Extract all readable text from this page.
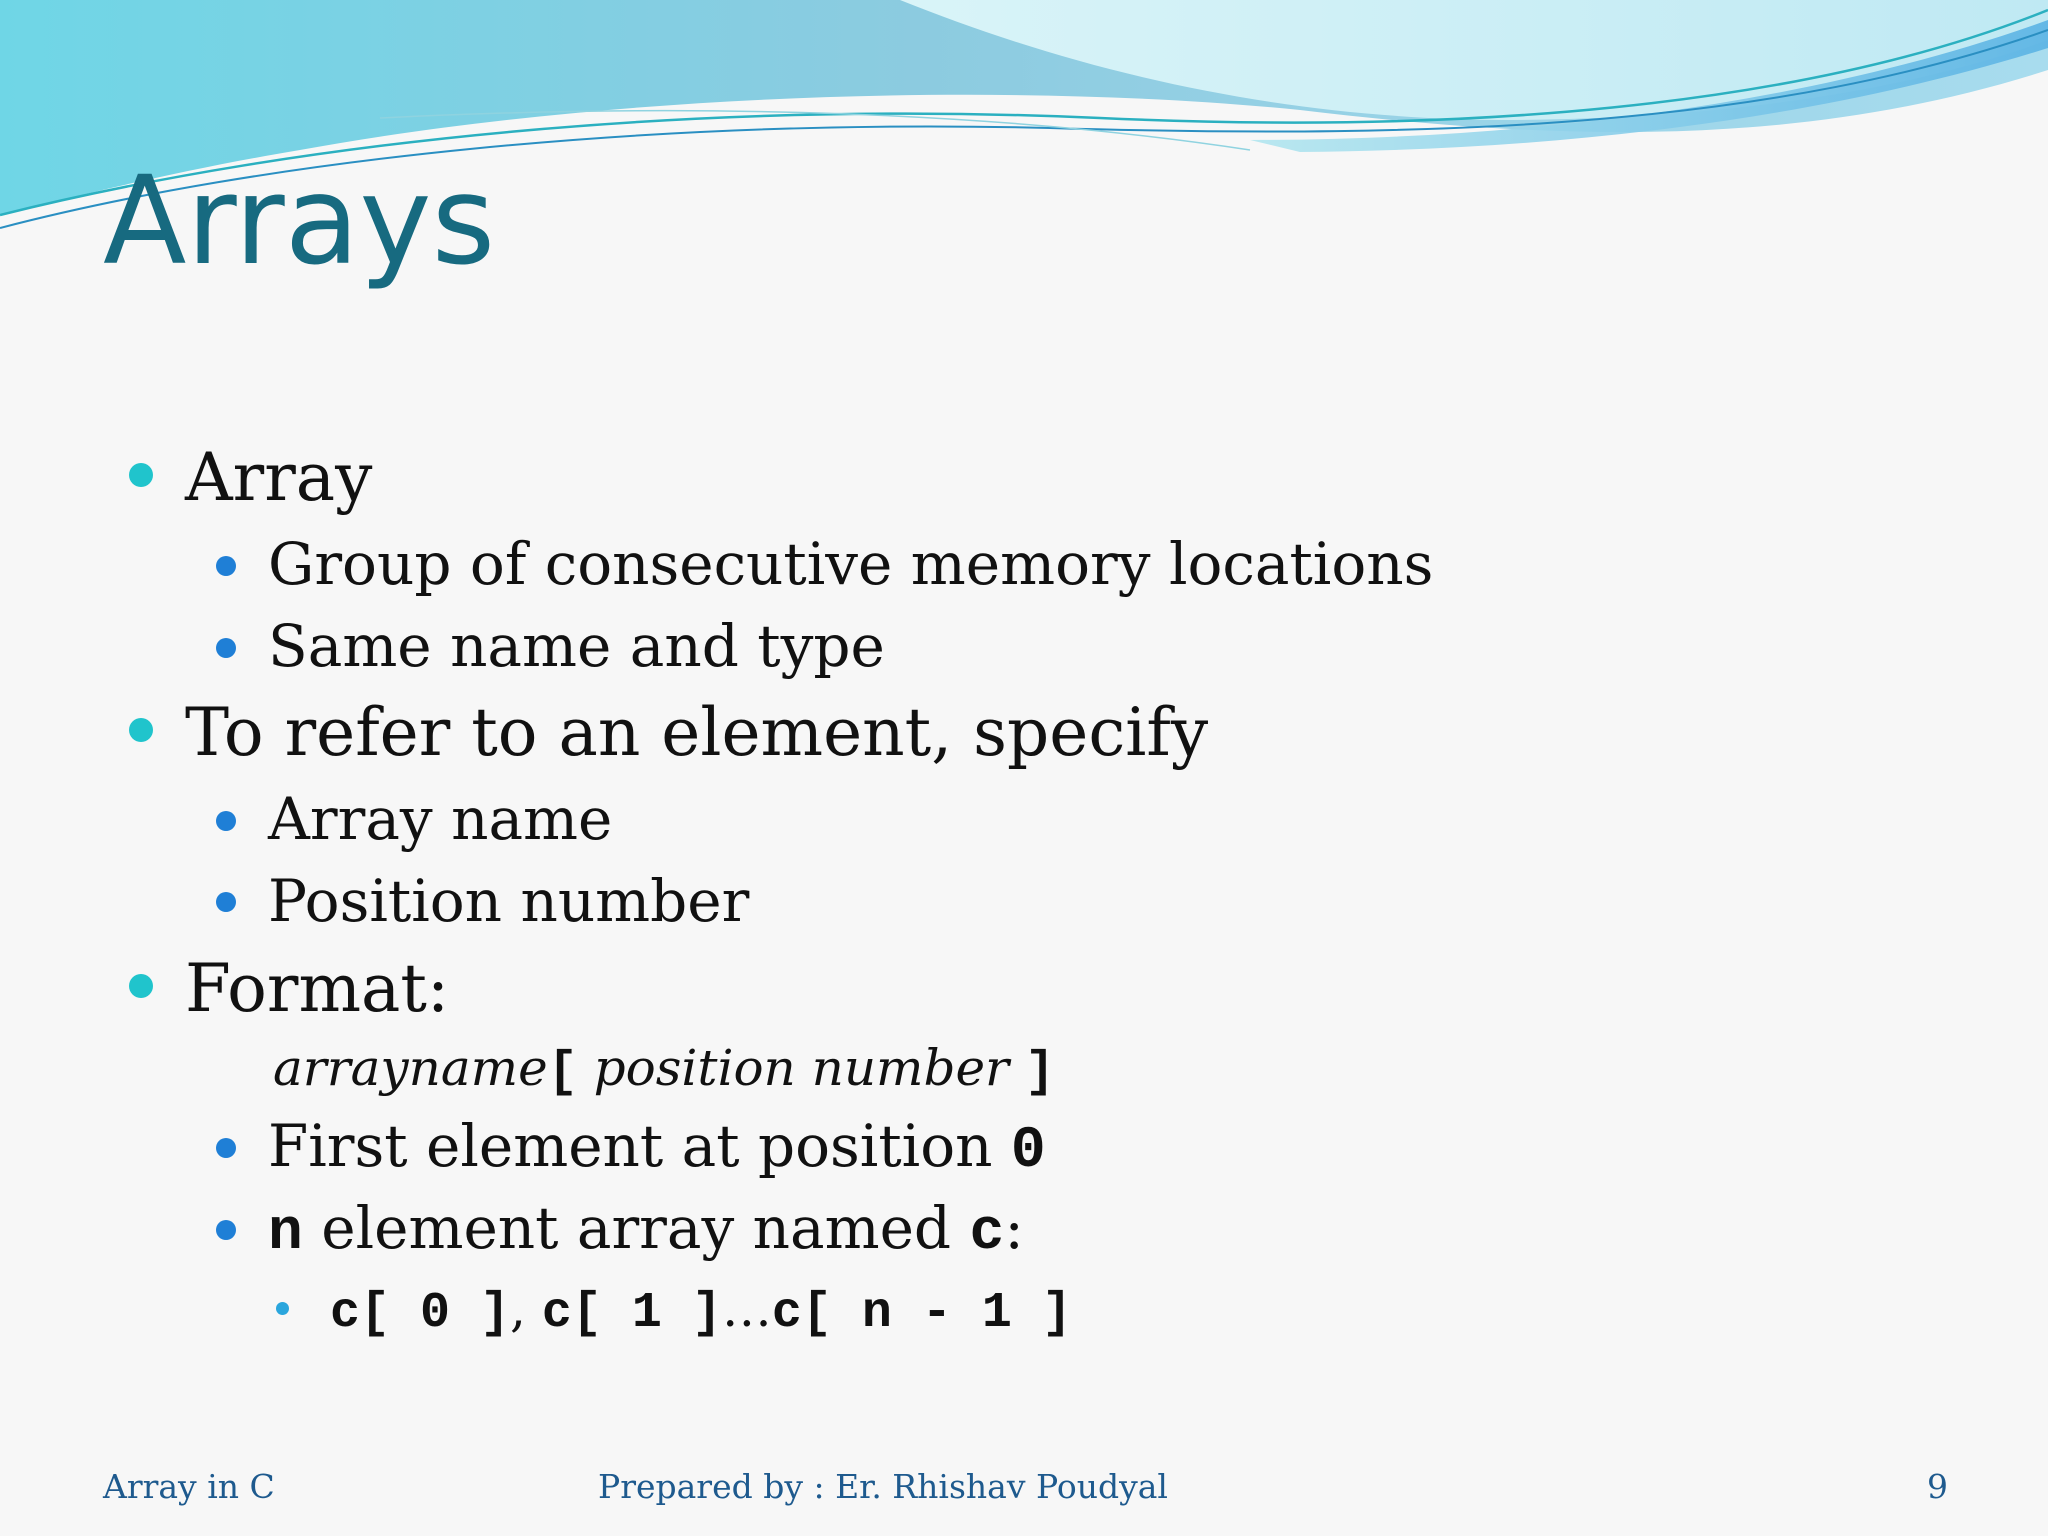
Arrays
Array
Group of consecutive memory locations
Same name and type
To refer to an element, specify
Array name
Position number
Format:
arrayname[ position number ]
First element at position 0
n element array named c:
c[ 0 ], c[ 1 ]…c[ n - 1 ]
Array in C	Prepared by : Er. Rhishav Poudyal	9
